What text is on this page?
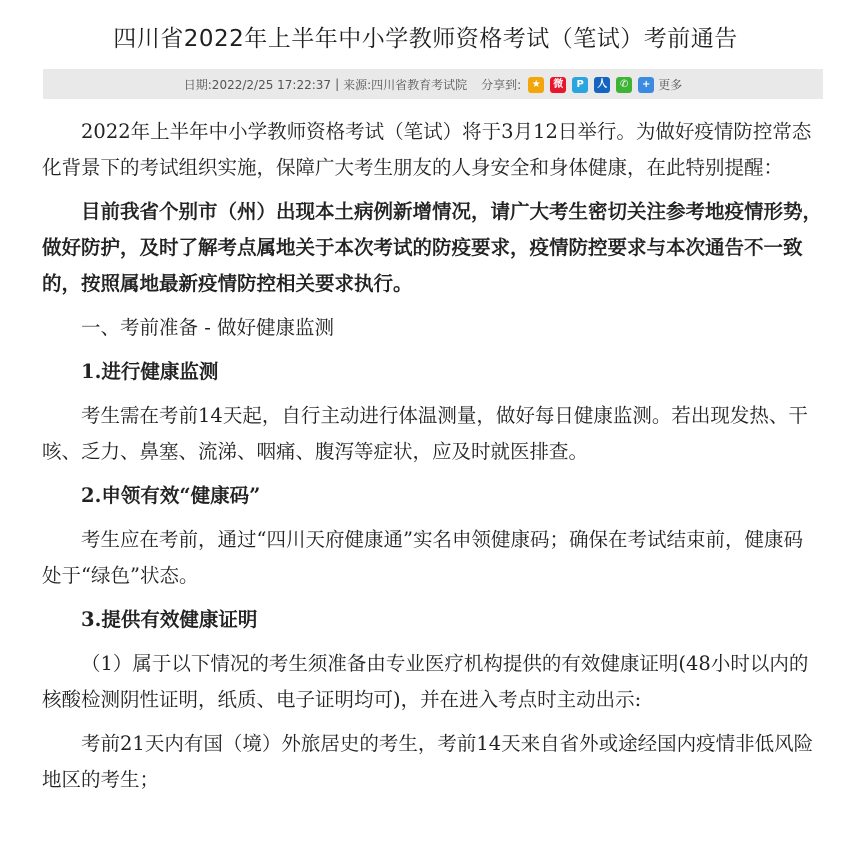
四川省2022年上半年中小学教师资格考试（笔试）考前通告
日期:2022/2/25 17:22:37 | 来源:四川省教育考试院 分享到:	★ 微 P 人 ✆ + 更多

2022年上半年中小学教师资格考试（笔试）将于3月12日举行。为做好疫情防控常态化背景下的考试组织实施，保障广大考生朋友的人身安全和身体健康，在此特别提醒：

目前我省个别市（州）出现本土病例新增情况，请广大考生密切关注参考地疫情形势，做好防护，及时了解考点属地关于本次考试的防疫要求，疫情防控要求与本次通告不一致的，按照属地最新疫情防控相关要求执行。

一、考前准备 - 做好健康监测

1.进行健康监测

考生需在考前14天起，自行主动进行体温测量，做好每日健康监测。若出现发热、干咳、乏力、鼻塞、流涕、咽痛、腹泻等症状，应及时就医排查。

2.申领有效“健康码”

考生应在考前，通过“四川天府健康通”实名申领健康码；确保在考试结束前，健康码处于“绿色”状态。

3.提供有效健康证明

（1）属于以下情况的考生须准备由专业医疗机构提供的有效健康证明(48小时以内的核酸检测阴性证明，纸质、电子证明均可)，并在进入考点时主动出示:

考前21天内有国（境）外旅居史的考生，考前14天来自省外或途经国内疫情非低风险地区的考生；
